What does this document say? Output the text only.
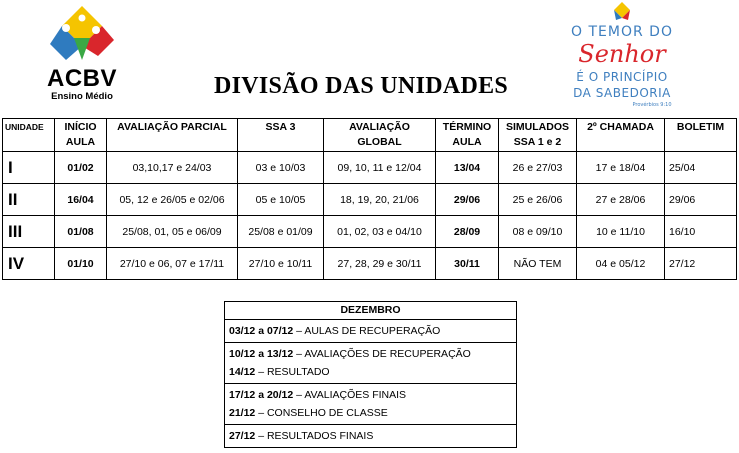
ACBV
Ensino Médio	DIVISÃO DAS UNIDADES
O TEMOR DO
Senhor
É O PRINCÍPIO
DA SABEDORIA
Provérbios 9:10
UNIDADE	INÍCIO AULA	AVALIAÇÃO PARCIAL	SSA 3	AVALIAÇÃO GLOBAL	TÉRMINO AULA	SIMULADOS SSA 1 e 2	2º CHAMADA	BOLETIM
I	01/02	03,10,17 e 24/03	03 e 10/03	09, 10, 11 e 12/04	13/04	26 e 27/03	17 e 18/04	25/04
II	16/04	05, 12 e 26/05 e 02/06	05 e 10/05	18, 19, 20, 21/06	29/06	25 e 26/06	27 e 28/06	29/06
III	01/08	25/08, 01, 05 e 06/09	25/08 e 01/09	01, 02, 03 e 04/10	28/09	08 e 09/10	10 e 11/10	16/10
IV	01/10	27/10 e 06, 07 e 17/11	27/10 e 10/11	27, 28, 29 e 30/11	30/11	NÃO TEM	04 e 05/12	27/12
DEZEMBRO
03/12 a 07/12 – AULAS DE RECUPERAÇÃO
10/12 a 13/12 – AVALIAÇÕES DE RECUPERAÇÃO
14/12 – RESULTADO
17/12 a 20/12 – AVALIAÇÕES FINAIS
21/12 – CONSELHO DE CLASSE
27/12 – RESULTADOS FINAIS
